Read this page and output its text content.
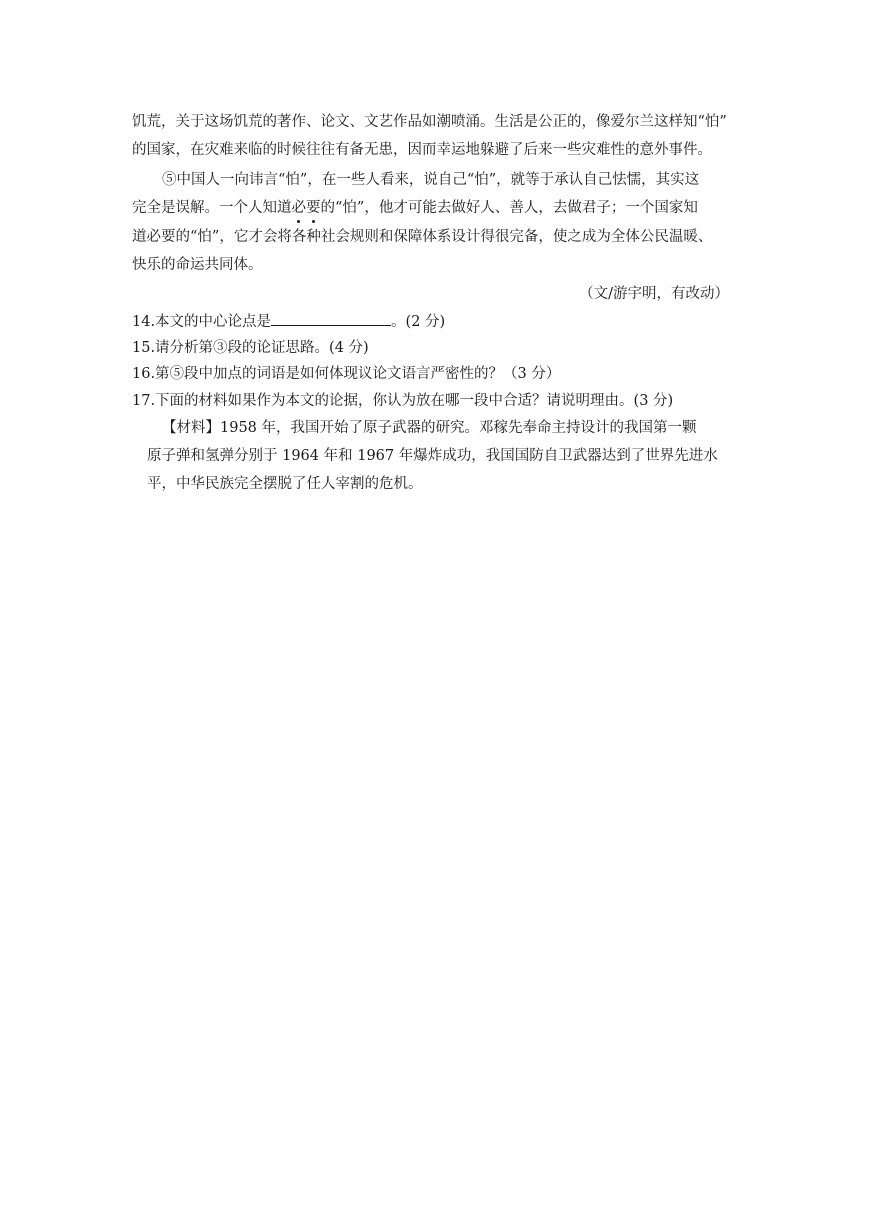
饥荒，关于这场饥荒的著作、论文、文艺作品如潮喷涌。生活是公正的，像爱尔兰这样知“怕”
的国家，在灾难来临的时候往往有备无患，因而幸运地躲避了后来一些灾难性的意外事件。
⑤中国人一向讳言“怕”，在一些人看来，说自己“怕”，就等于承认自己怯懦，其实这
完全是误解。一个人知道必要的“怕”，他才可能去做好人、善人，去做君子；一个国家知
道必要的“怕”，它才会将各种社会规则和保障体系设计得很完备，使之成为全体公民温暖、
快乐的命运共同体。
（文/游宇明，有改动）
14.本文的中心论点是	。(2 分)
15.请分析第③段的论证思路。(4 分)
16.第⑤段中加点的词语是如何体现议论文语言严密性的？（3 分）
17.下面的材料如果作为本文的论据，你认为放在哪一段中合适？请说明理由。(3 分)
【材料】1958 年，我国开始了原子武器的研究。邓稼先奉命主持设计的我国第一颗
原子弹和氢弹分别于 1964 年和 1967 年爆炸成功，我国国防自卫武器达到了世界先进水
平，中华民族完全摆脱了任人宰割的危机。
